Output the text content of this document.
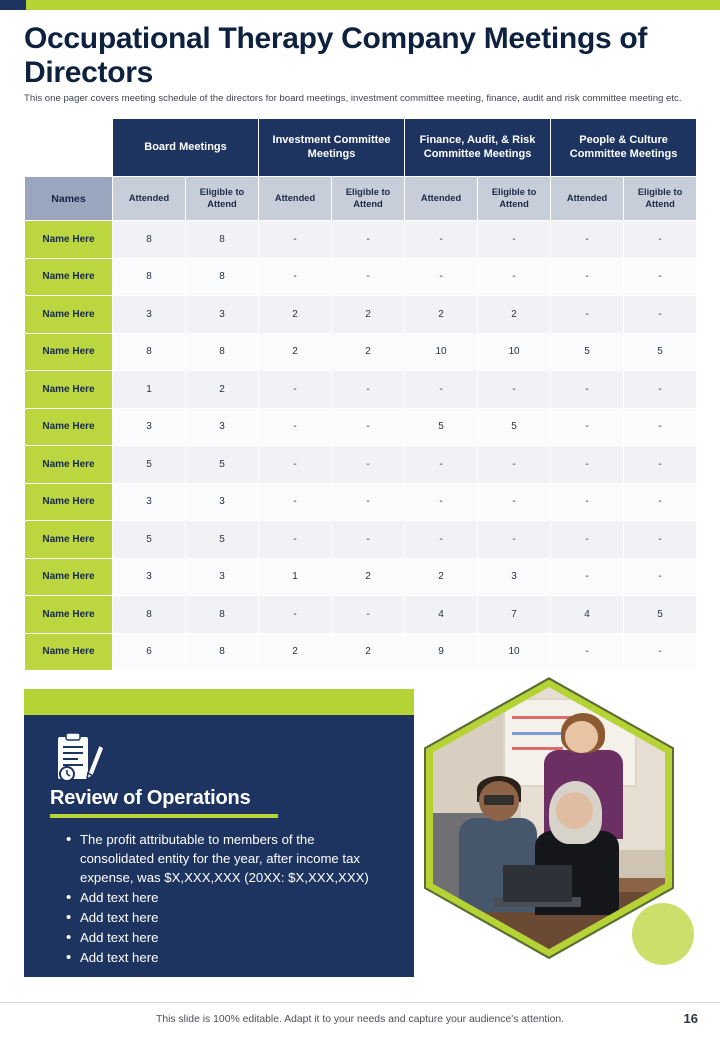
Occupational Therapy Company Meetings of Directors

This one pager covers meeting schedule of the directors for board meetings, investment committee meeting, finance, audit and risk committee meeting etc.

	Board Meetings		Investment Committee Meetings		Finance, Audit, & Risk Committee Meetings		People & Culture Committee Meetings	
Names	Attended	Eligible to Attend	Attended	Eligible to Attend	Attended	Eligible to Attend	Attended	Eligible to Attend
Name Here	8	8	-	-	-	-	-	-
Name Here	8	8	-	-	-	-	-	-
Name Here	3	3	2	2	2	2	-	-
Name Here	8	8	2	2	10	10	5	5
Name Here	1	2	-	-	-	-	-	-
Name Here	3	3	-	-	5	5	-	-
Name Here	5	5	-	-	-	-	-	-
Name Here	3	3	-	-	-	-	-	-
Name Here	5	5	-	-	-	-	-	-
Name Here	3	3	1	2	2	3	-	-
Name Here	8	8	-	-	4	7	4	5
Name Here	6	8	2	2	9	10	-	-
Review of Operations
• The profit attributable to members of the consolidated entity for the year, after income tax expense, was $X,XXX,XXX (20XX: $X,XXX,XXX)
• Add text here
• Add text here
• Add text here
• Add text here
This slide is 100% editable. Adapt it to your needs and capture your audience's attention.	16
